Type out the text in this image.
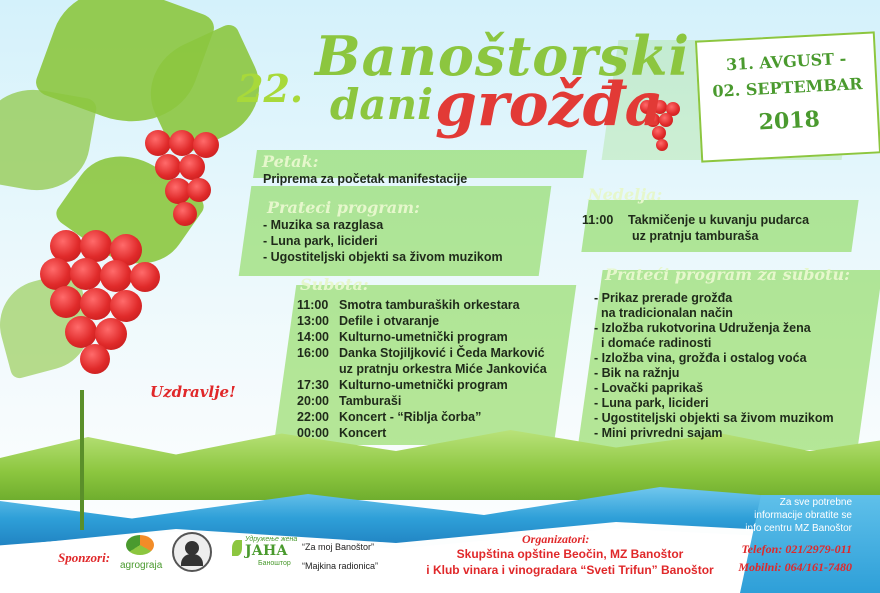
22.
Banoštorski
dani grožđa
31. AVGUST -
02. SEPTEMBAR
2018
Petak:
Priprema za početak manifestacije
Prateci program:
- Muzika sa razglasa
- Luna park, licideri
- Ugostiteljski objekti sa živom muzikom
Subota:
11:00 Smotra tamburaških orkestara
13:00 Defile i otvaranje
14:00 Kulturno-umetnički program
16:00 Danka Stojiljković i Čeda Marković
uz pratnju orkestra Miće Jankovića
17:30 Kulturno-umetnički program
20:00 Tamburaši
22:00 Koncert - “Riblja čorba”
00:00 Koncert
Nedelja:
11:00 Takmičenje u kuvanju pudarca
uz pratnju tamburaša
Prateći program za subotu:
- Prikaz prerade grožđa
na tradicionalan način
- Izložba rukotvorina Udruženja žena
i domaće radinosti
- Izložba vina, grožđa i ostalog voća
- Bik na ražnju
- Lovački paprikaš
- Luna park, licideri
- Ugostiteljski objekti sa živom muzikom
- Mini privredni sajam
Uzdravlje!
Sponzori:
agrograja
Удружење жена
ЈАНА
Банoштор
“Za moj Banoštor”
“Majkina radionica”
Organizatori:
Skupština opštine Beočin, MZ Banoštor
i Klub vinara i vinogradara “Sveti Trifun” Banoštor
Za sve potrebne
informacije obratite se
info centru MZ Banoštor
Telefon: 021/2979-011
Mobilni: 064/161-7480
